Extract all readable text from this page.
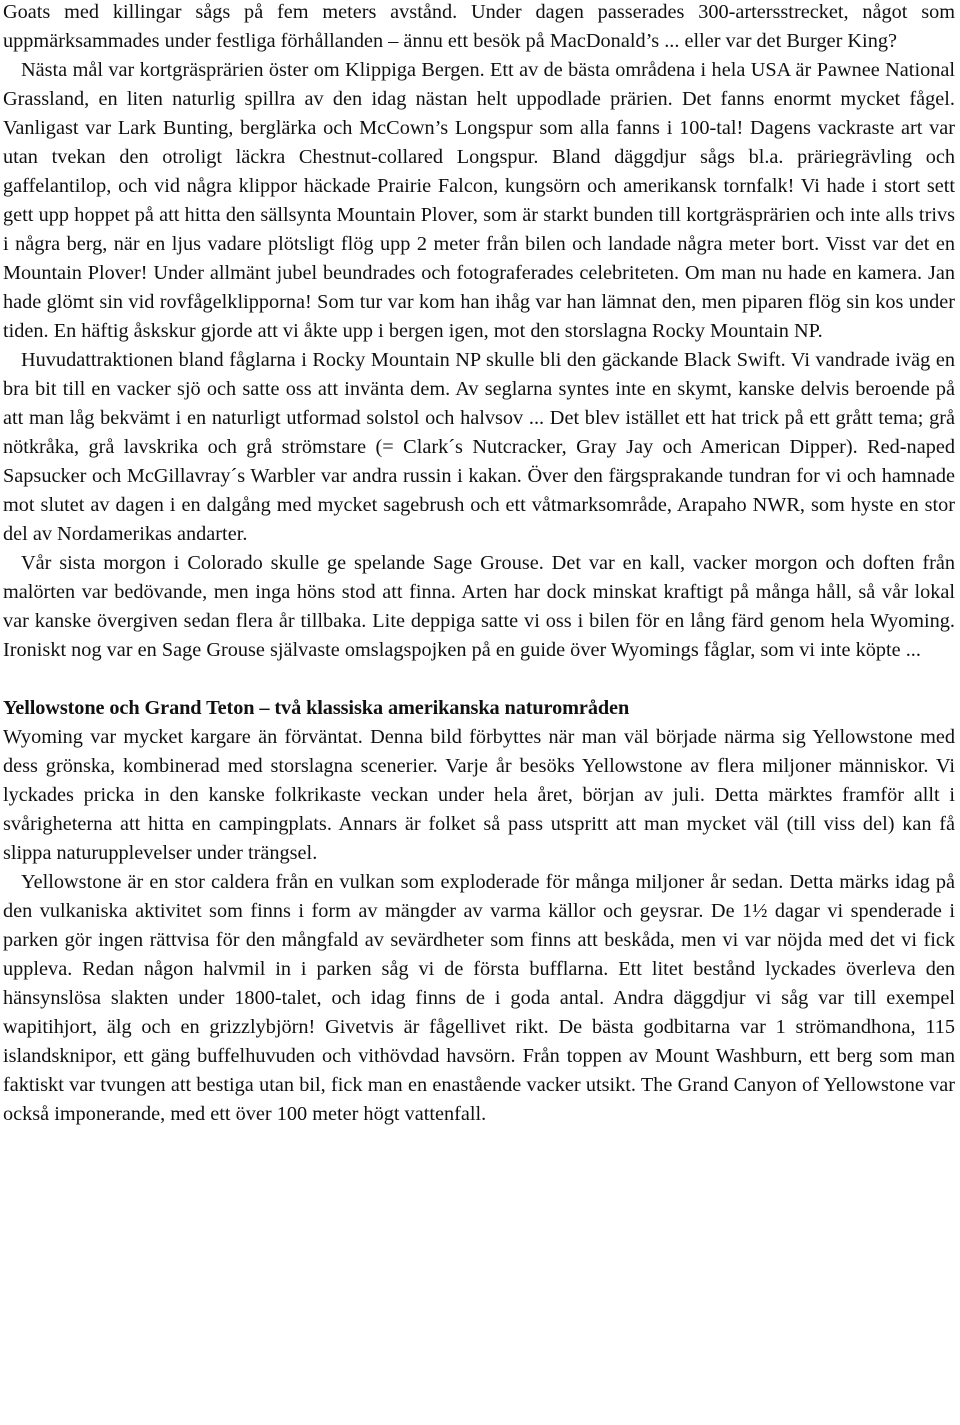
Goats med killingar sågs på fem meters avstånd. Under dagen passerades 300-artersstrecket, något som uppmärksammades under festliga förhållanden – ännu ett besök på MacDonald’s ... eller var det Burger King?

Nästa mål var kortgräsprärien öster om Klippiga Bergen. Ett av de bästa områdena i hela USA är Pawnee National Grassland, en liten naturlig spillra av den idag nästan helt uppodlade prärien. Det fanns enormt mycket fågel. Vanligast var Lark Bunting, berglärka och McCown’s Longspur som alla fanns i 100-tal! Dagens vackraste art var utan tvekan den otroligt läckra Chestnut-collared Longspur. Bland däggdjur sågs bl.a. präriegrävling och gaffelantilop, och vid några klippor häckade Prairie Falcon, kungsörn och amerikansk tornfalk! Vi hade i stort sett gett upp hoppet på att hitta den sällsynta Mountain Plover, som är starkt bunden till kortgräsprärien och inte alls trivs i några berg, när en ljus vadare plötsligt flög upp 2 meter från bilen och landade några meter bort. Visst var det en Mountain Plover! Under allmänt jubel beundrades och fotograferades celebriteten. Om man nu hade en kamera. Jan hade glömt sin vid rovfågelklipporna! Som tur var kom han ihåg var han lämnat den, men piparen flög sin kos under tiden. En häftig åskskur gjorde att vi åkte upp i bergen igen, mot den storslagna Rocky Mountain NP.

Huvudattraktionen bland fåglarna i Rocky Mountain NP skulle bli den gäckande Black Swift. Vi vandrade iväg en bra bit till en vacker sjö och satte oss att invänta dem. Av seglarna syntes inte en skymt, kanske delvis beroende på att man låg bekvämt i en naturligt utformad solstol och halvsov ... Det blev istället ett hat trick på ett grått tema; grå nötkråka, grå lavskrika och grå strömstare (= Clark´s Nutcracker, Gray Jay och American Dipper). Red-naped Sapsucker och McGillavray´s Warbler var andra russin i kakan. Över den färgsprakande tundran for vi och hamnade mot slutet av dagen i en dalgång med mycket sagebrush och ett våtmarksområde, Arapaho NWR, som hyste en stor del av Nordamerikas andarter.

Vår sista morgon i Colorado skulle ge spelande Sage Grouse. Det var en kall, vacker morgon och doften från malörten var bedövande, men inga höns stod att finna. Arten har dock minskat kraftigt på många håll, så vår lokal var kanske övergiven sedan flera år tillbaka. Lite deppiga satte vi oss i bilen för en lång färd genom hela Wyoming. Ironiskt nog var en Sage Grouse självaste omslagspojken på en guide över Wyomings fåglar, som vi inte köpte ...

Yellowstone och Grand Teton – två klassiska amerikanska naturområden

Wyoming var mycket kargare än förväntat. Denna bild förbyttes när man väl började närma sig Yellowstone med dess grönska, kombinerad med storslagna scenerier. Varje år besöks Yellowstone av flera miljoner människor. Vi lyckades pricka in den kanske folkrikaste veckan under hela året, början av juli. Detta märktes framför allt i svårigheterna att hitta en campingplats. Annars är folket så pass utspritt att man mycket väl (till viss del) kan få slippa naturupplevelser under trängsel.

Yellowstone är en stor caldera från en vulkan som exploderade för många miljoner år sedan. Detta märks idag på den vulkaniska aktivitet som finns i form av mängder av varma källor och geysrar. De 1½ dagar vi spenderade i parken gör ingen rättvisa för den mångfald av sevärdheter som finns att beskåda, men vi var nöjda med det vi fick uppleva. Redan någon halvmil in i parken såg vi de första bufflarna. Ett litet bestånd lyckades överleva den hänsynslösa slakten under 1800-talet, och idag finns de i goda antal. Andra däggdjur vi såg var till exempel wapitihjort, älg och en grizzlybjörn! Givetvis är fågellivet rikt. De bästa godbitarna var 1 strömandhona, 115 islandsknipor, ett gäng buffelhuvuden och vithövdad havsörn. Från toppen av Mount Washburn, ett berg som man faktiskt var tvungen att bestiga utan bil, fick man en enastående vacker utsikt. The Grand Canyon of Yellowstone var också imponerande, med ett över 100 meter högt vattenfall.
